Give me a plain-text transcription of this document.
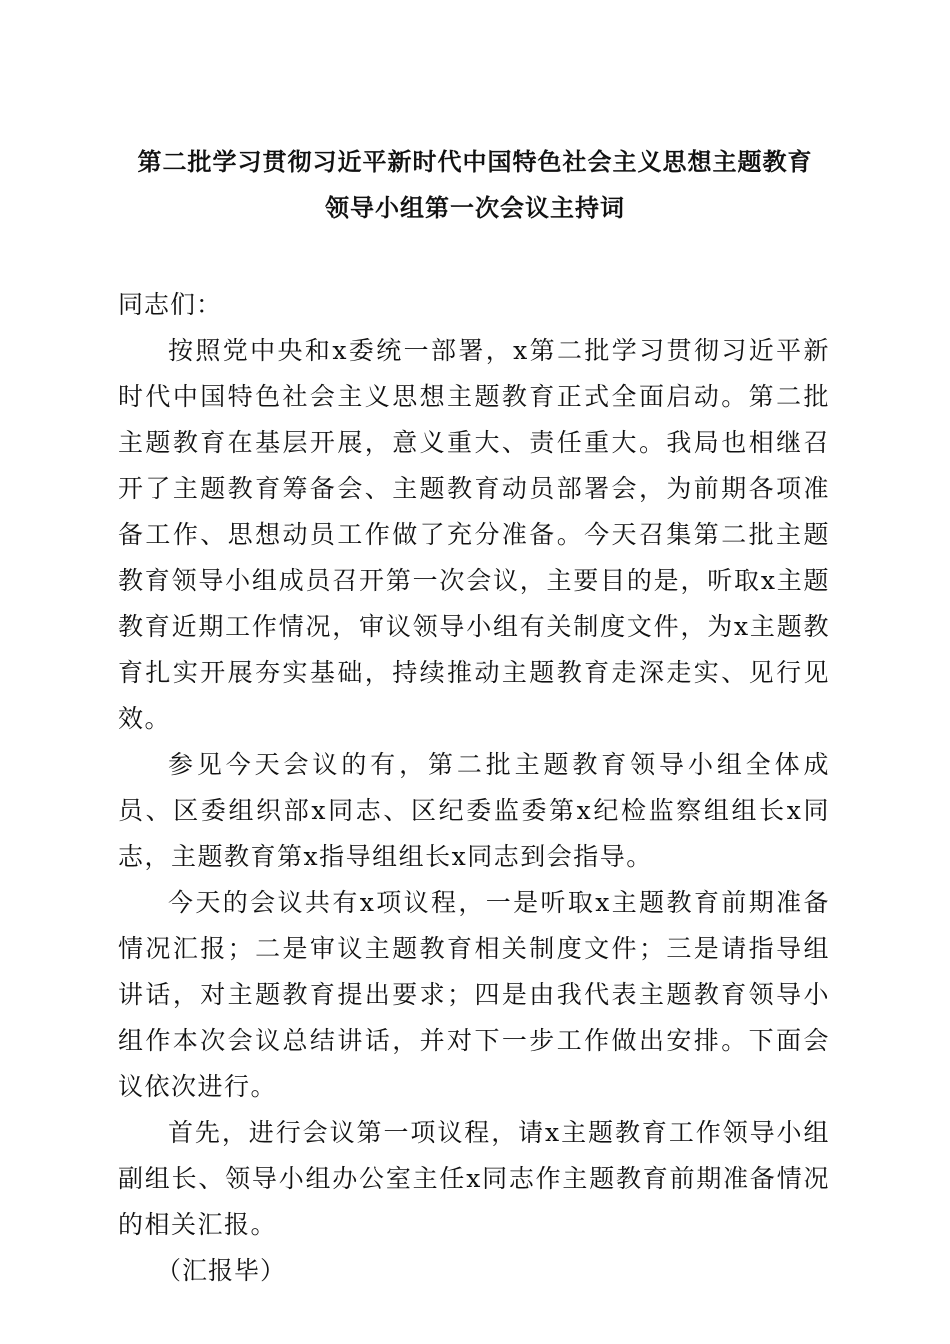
第二批学习贯彻习近平新时代中国特色社会主义思想主题教育
领导小组第一次会议主持词

同志们：

按照党中央和x委统一部署，x第二批学习贯彻习近平新时代中国特色社会主义思想主题教育正式全面启动。第二批主题教育在基层开展，意义重大、责任重大。我局也相继召开了主题教育筹备会、主题教育动员部署会，为前期各项准备工作、思想动员工作做了充分准备。今天召集第二批主题教育领导小组成员召开第一次会议，主要目的是，听取x主题教育近期工作情况，审议领导小组有关制度文件，为x主题教育扎实开展夯实基础，持续推动主题教育走深走实、见行见效。

参见今天会议的有，第二批主题教育领导小组全体成员、区委组织部x同志、区纪委监委第x纪检监察组组长x同志，主题教育第x指导组组长x同志到会指导。

今天的会议共有x项议程，一是听取x主题教育前期准备情况汇报；二是审议主题教育相关制度文件；三是请指导组讲话，对主题教育提出要求；四是由我代表主题教育领导小组作本次会议总结讲话，并对下一步工作做出安排。下面会议依次进行。

首先，进行会议第一项议程，请x主题教育工作领导小组副组长、领导小组办公室主任x同志作主题教育前期准备情况的相关汇报。

（汇报毕）
